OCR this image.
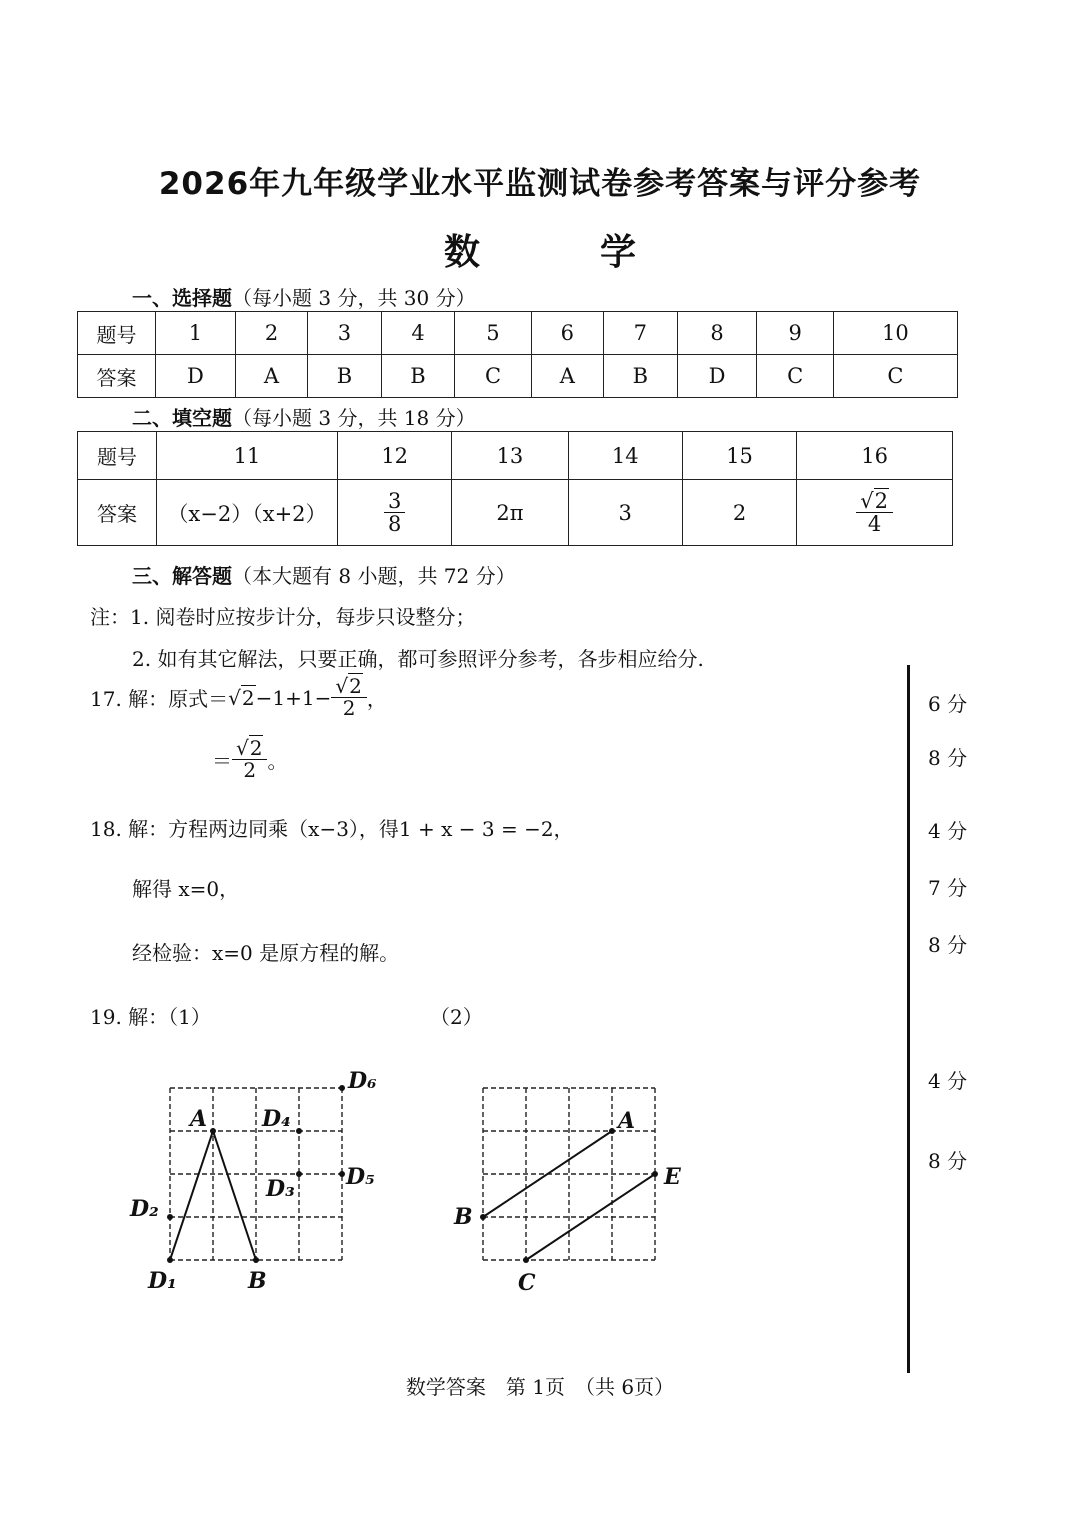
2026年九年级学业水平监测试卷参考答案与评分参考
数	学
一、选择题（每小题 3 分，共 30 分）
题号	1	2	3	4	5	6	7	8	9	10
答案	D	A	B	B	C	A	B	D	C	C
二、填空题（每小题 3 分，共 18 分）
题号	11	12	13	14	15	16
答案	（x−2）（x+2）	$\frac{3}{8}$	2π	3	2	$\frac{√2}{4}$
三、解答题（本大题有 8 小题，共 72 分）
注：1. 阅卷时应按步计分，每步只设整分；
2. 如有其它解法，只要正确，都可参照评分参考，各步相应给分.
17. 解：原式＝ $√2 -1+1- \frac{√2}{2}$ ，
＝ $\frac{√2}{2}$ 。
18. 解：方程两边同乘（x−3），得1 + x − 3 = −2，
解得 x=0，
经检验：x=0 是原方程的解。
19. 解：（1）	（2）
A
B
D₁
D₂
D₃
D₄
D₅
D₆
A
B
C
E
6 分
8 分
4 分
7 分
8 分
4 分
8 分
数学答案　第 1页　（共 6页）
